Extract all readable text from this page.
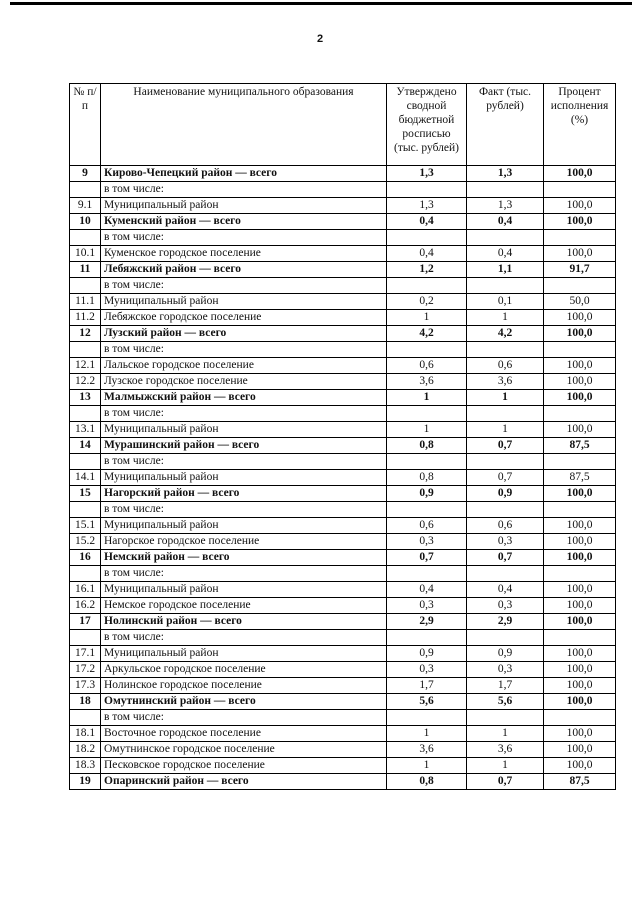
2
№ п/п	Наименование муниципального образования	Утверждено сводной бюджетной росписью (тыс. рублей)	Факт (тыс. рублей)	Процент исполнения (%)
9	Кирово-Чепецкий район — всего	1,3	1,3	100,0
	в том числе:			
9.1	Муниципальный район	1,3	1,3	100,0
10	Куменский район — всего	0,4	0,4	100,0
	в том числе:			
10.1	Куменское городское поселение	0,4	0,4	100,0
11	Лебяжский район — всего	1,2	1,1	91,7
	в том числе:			
11.1	Муниципальный район	0,2	0,1	50,0
11.2	Лебяжское городское поселение	1	1	100,0
12	Лузский район — всего	4,2	4,2	100,0
	в том числе:			
12.1	Лальское городское поселение	0,6	0,6	100,0
12.2	Лузское городское поселение	3,6	3,6	100,0
13	Малмыжский район — всего	1	1	100,0
	в том числе:			
13.1	Муниципальный район	1	1	100,0
14	Мурашинский район — всего	0,8	0,7	87,5
	в том числе:			
14.1	Муниципальный район	0,8	0,7	87,5
15	Нагорский район — всего	0,9	0,9	100,0
	в том числе:			
15.1	Муниципальный район	0,6	0,6	100,0
15.2	Нагорское городское поселение	0,3	0,3	100,0
16	Немский район — всего	0,7	0,7	100,0
	в том числе:			
16.1	Муниципальный район	0,4	0,4	100,0
16.2	Немское городское поселение	0,3	0,3	100,0
17	Нолинский район — всего	2,9	2,9	100,0
	в том числе:			
17.1	Муниципальный район	0,9	0,9	100,0
17.2	Аркульское городское поселение	0,3	0,3	100,0
17.3	Нолинское городское поселение	1,7	1,7	100,0
18	Омутнинский район — всего	5,6	5,6	100,0
	в том числе:			
18.1	Восточное городское поселение	1	1	100,0
18.2	Омутнинское городское поселение	3,6	3,6	100,0
18.3	Песковское городское поселение	1	1	100,0
19	Опаринский район — всего	0,8	0,7	87,5
